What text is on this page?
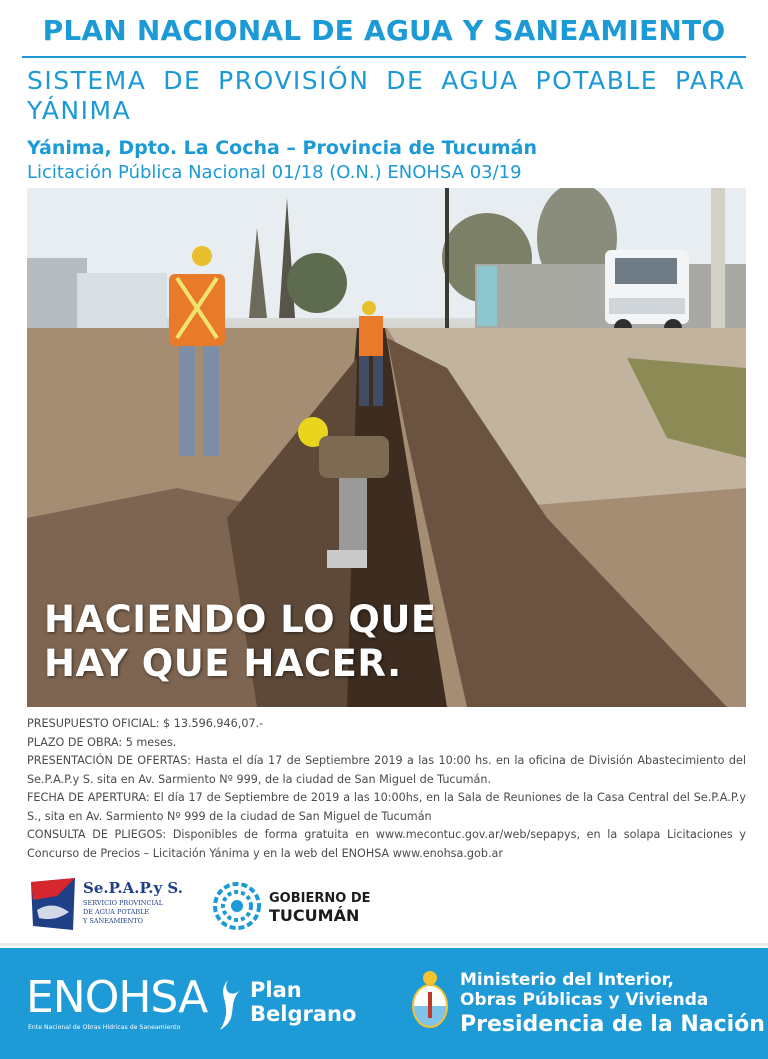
PLAN NACIONAL DE AGUA Y SANEAMIENTO
SISTEMA DE PROVISIÓN DE AGUA POTABLE PARA YÁNIMA
Yánima, Dpto. La Cocha – Provincia de Tucumán
Licitación Pública Nacional 01/18 (O.N.) ENOHSA 03/19
HACIENDO LO QUE
HAY QUE HACER.

PRESUPUESTO OFICIAL: $ 13.596.946,07.-

PLAZO DE OBRA: 5 meses.

PRESENTACIÓN DE OFERTAS: Hasta el día 17 de Septiembre 2019 a las 10:00 hs. en la oficina de División Abastecimiento del Se.P.A.P.y S. sita en Av. Sarmiento Nº 999, de la ciudad de San Miguel de Tucumán.

FECHA DE APERTURA: El día 17 de Septiembre de 2019 a las 10:00hs, en la Sala de Reuniones de la Casa Central del Se.P.A.P.y S., sita en Av. Sarmiento Nº 999 de la ciudad de San Miguel de Tucumán

CONSULTA DE PLIEGOS: Disponibles de forma gratuita en www.mecontuc.gov.ar/web/sepapys, en la solapa Licitaciones y Concurso de Precios – Licitación Yánima y en la web del ENOHSA www.enohsa.gob.ar

Se.P.A.P.y S.
SERVICIO PROVINCIAL
DE AGUA POTABLE
Y SANEAMIENTO
GOBIERNO DE
TUCUMÁN
ENOHSA
Ente Nacional de Obras Hídricas de Saneamiento
Plan
Belgrano
Ministerio del Interior,
Obras Públicas y Vivienda
Presidencia de la Nación
